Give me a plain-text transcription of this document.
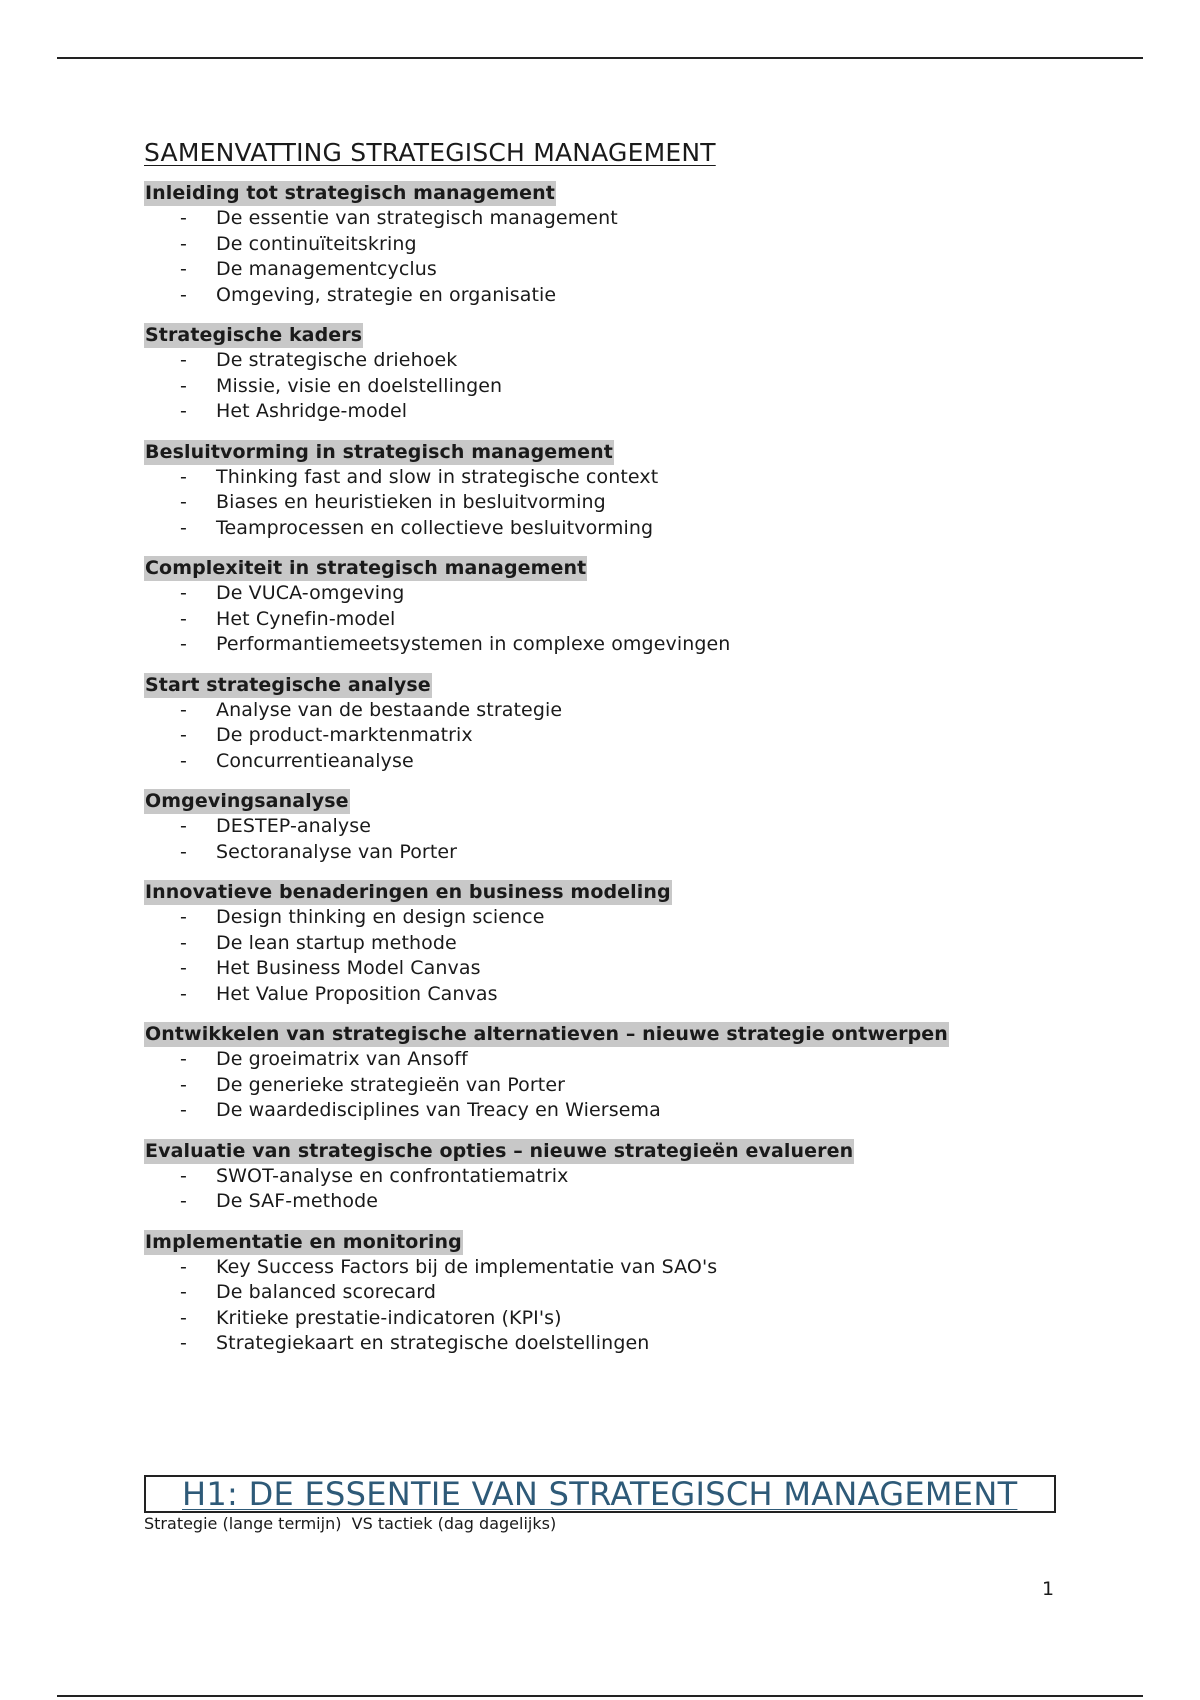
SAMENVATTING STRATEGISCH MANAGEMENT
Inleiding tot strategisch management
- De essentie van strategisch management
- De continuïteitskring
- De managementcyclus
- Omgeving, strategie en organisatie
Strategische kaders
- De strategische driehoek
- Missie, visie en doelstellingen
- Het Ashridge-model
Besluitvorming in strategisch management
- Thinking fast and slow in strategische context
- Biases en heuristieken in besluitvorming
- Teamprocessen en collectieve besluitvorming
Complexiteit in strategisch management
- De VUCA-omgeving
- Het Cynefin-model
- Performantiemeetsystemen in complexe omgevingen
Start strategische analyse
- Analyse van de bestaande strategie
- De product-marktenmatrix
- Concurrentieanalyse
Omgevingsanalyse
- DESTEP-analyse
- Sectoranalyse van Porter
Innovatieve benaderingen en business modeling
- Design thinking en design science
- De lean startup methode
- Het Business Model Canvas
- Het Value Proposition Canvas
Ontwikkelen van strategische alternatieven – nieuwe strategie ontwerpen
- De groeimatrix van Ansoff
- De generieke strategieën van Porter
- De waardedisciplines van Treacy en Wiersema
Evaluatie van strategische opties – nieuwe strategieën evalueren
- SWOT-analyse en confrontatiematrix
- De SAF-methode
Implementatie en monitoring
- Key Success Factors bij de implementatie van SAO's
- De balanced scorecard
- Kritieke prestatie-indicatoren (KPI's)
- Strategiekaart en strategische doelstellingen
H1: DE ESSENTIE VAN STRATEGISCH MANAGEMENT
Strategie (lange termijn)  VS tactiek (dag dagelijks)
1
